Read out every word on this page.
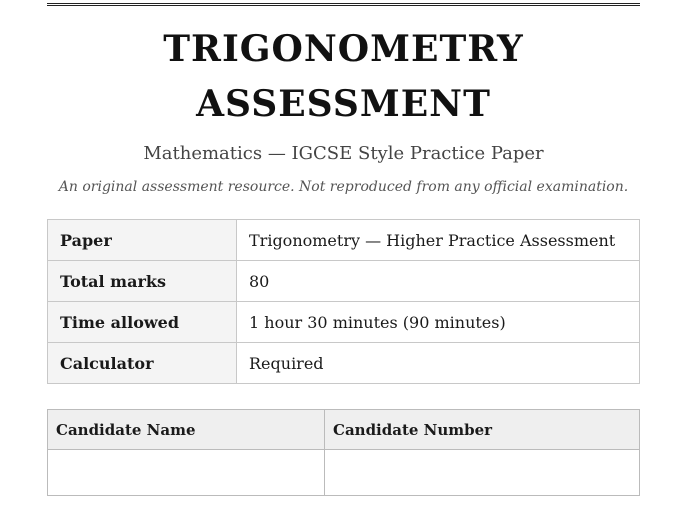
TRIGONOMETRY
ASSESSMENT
Mathematics — IGCSE Style Practice Paper
An original assessment resource. Not reproduced from any official examination.
Paper	Trigonometry — Higher Practice Assessment
Total marks	80
Time allowed	1 hour 30 minutes (90 minutes)
Calculator	Required
Candidate Name	Candidate Number
